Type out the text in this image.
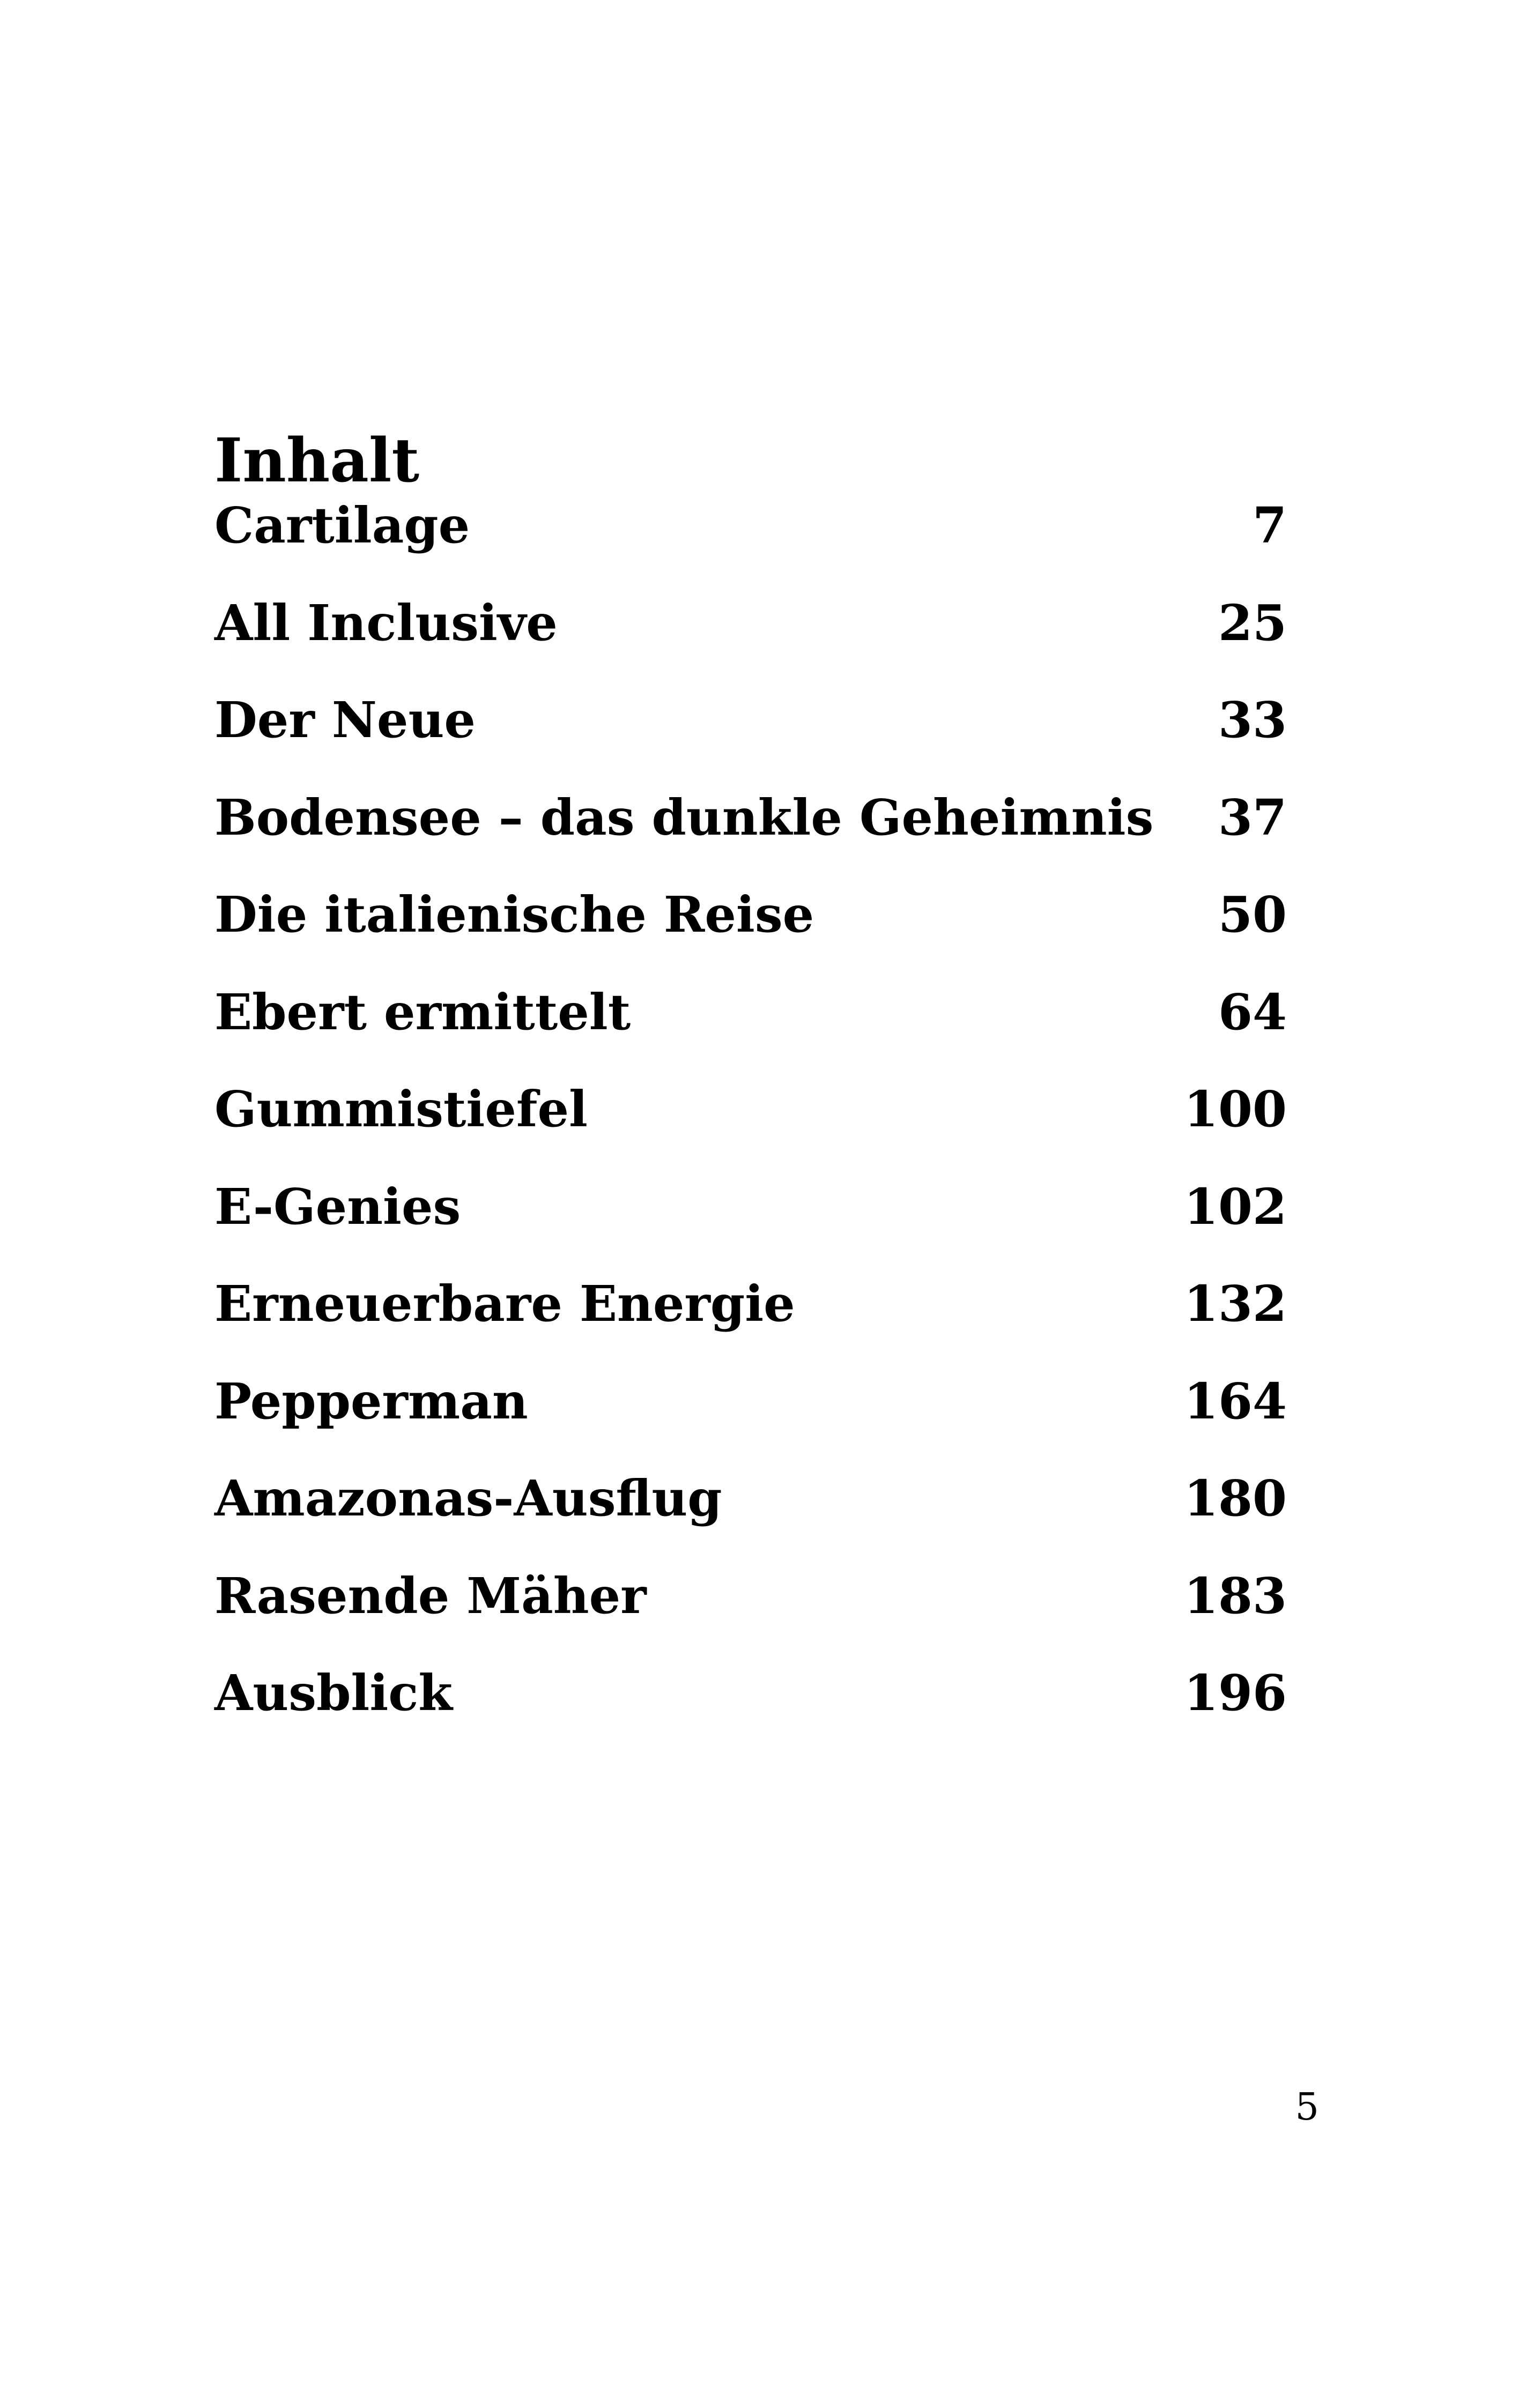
Inhalt
Cartilage	7
All Inclusive	25
Der Neue	33
Bodensee – das dunkle Geheimnis	37
Die italienische Reise	50
Ebert ermittelt	64
Gummistiefel	100
E-Genies	102
Erneuerbare Energie	132
Pepperman	164
Amazonas-Ausflug	180
Rasende Mäher	183
Ausblick	196
5
